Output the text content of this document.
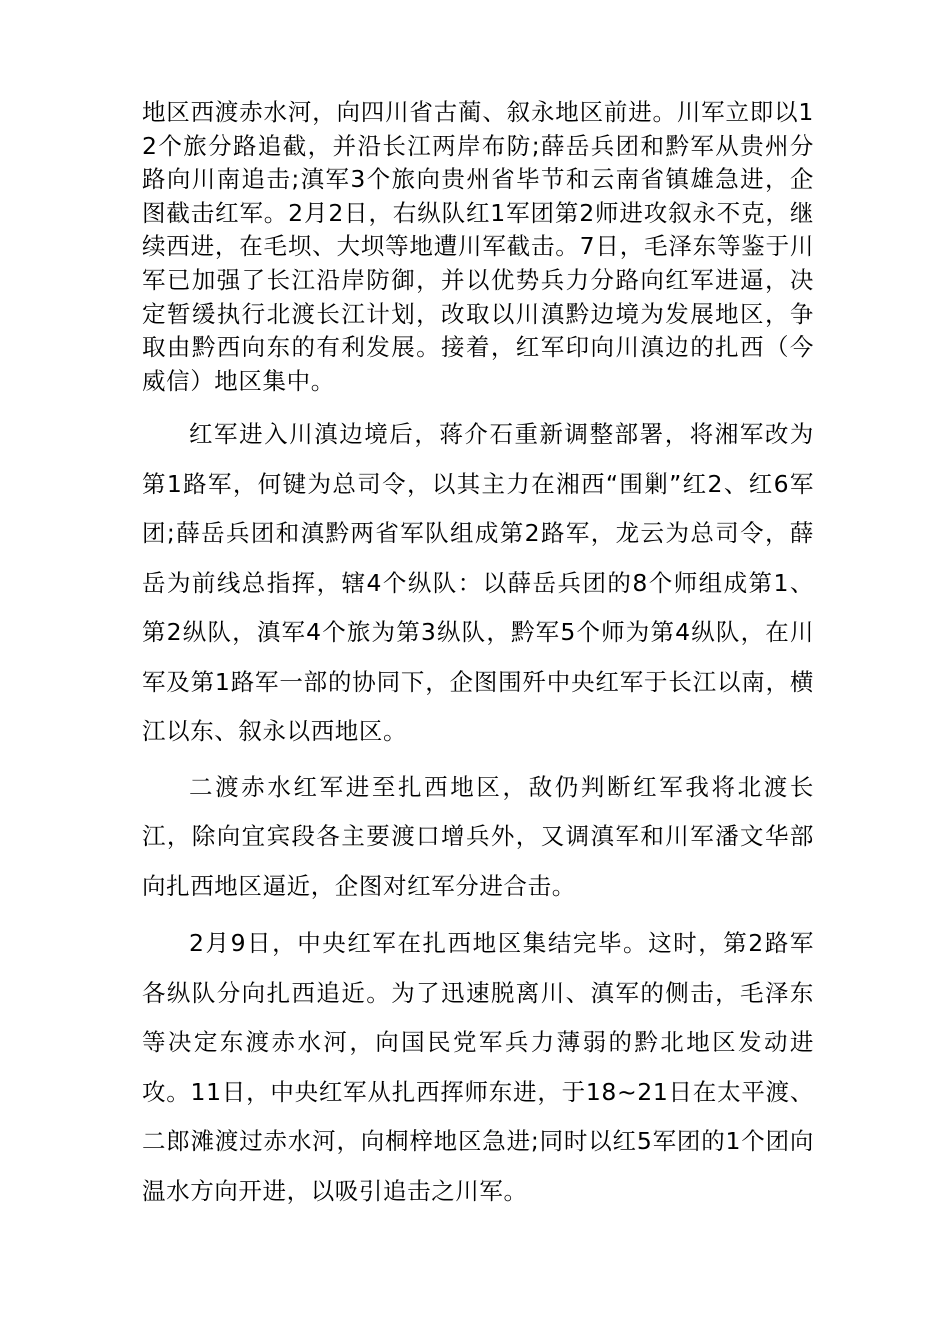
地区西渡赤水河，向四川省古蔺、叙永地区前进。川军立即以12个旅分路追截，并沿长江两岸布防;薛岳兵团和黔军从贵州分路向川南追击;滇军3个旅向贵州省毕节和云南省镇雄急进，企图截击红军。2月2日，右纵队红1军团第2师进攻叙永不克，继续西进，在毛坝、大坝等地遭川军截击。7日，毛泽东等鉴于川军已加强了长江沿岸防御，并以优势兵力分路向红军进逼，决定暂缓执行北渡长江计划，改取以川滇黔边境为发展地区，争取由黔西向东的有利发展。接着，红军印向川滇边的扎西（今威信）地区集中。

红军进入川滇边境后，蒋介石重新调整部署，将湘军改为第1路军，何键为总司令，以其主力在湘西“围剿”红2、红6军团;薛岳兵团和滇黔两省军队组成第2路军，龙云为总司令，薛岳为前线总指挥，辖4个纵队：以薛岳兵团的8个师组成第1、第2纵队，滇军4个旅为第3纵队，黔军5个师为第4纵队，在川军及第1路军一部的协同下，企图围歼中央红军于长江以南，横江以东、叙永以西地区。

二渡赤水红军进至扎西地区，敌仍判断红军我将北渡长江，除向宜宾段各主要渡口增兵外，又调滇军和川军潘文华部向扎西地区逼近，企图对红军分进合击。

2月9日，中央红军在扎西地区集结完毕。这时，第2路军各纵队分向扎西追近。为了迅速脱离川、滇军的侧击，毛泽东等决定东渡赤水河，向国民党军兵力薄弱的黔北地区发动进攻。11日，中央红军从扎西挥师东进，于18~21日在太平渡、二郎滩渡过赤水河，向桐梓地区急进;同时以红5军团的1个团向温水方向开进，以吸引追击之川军。
